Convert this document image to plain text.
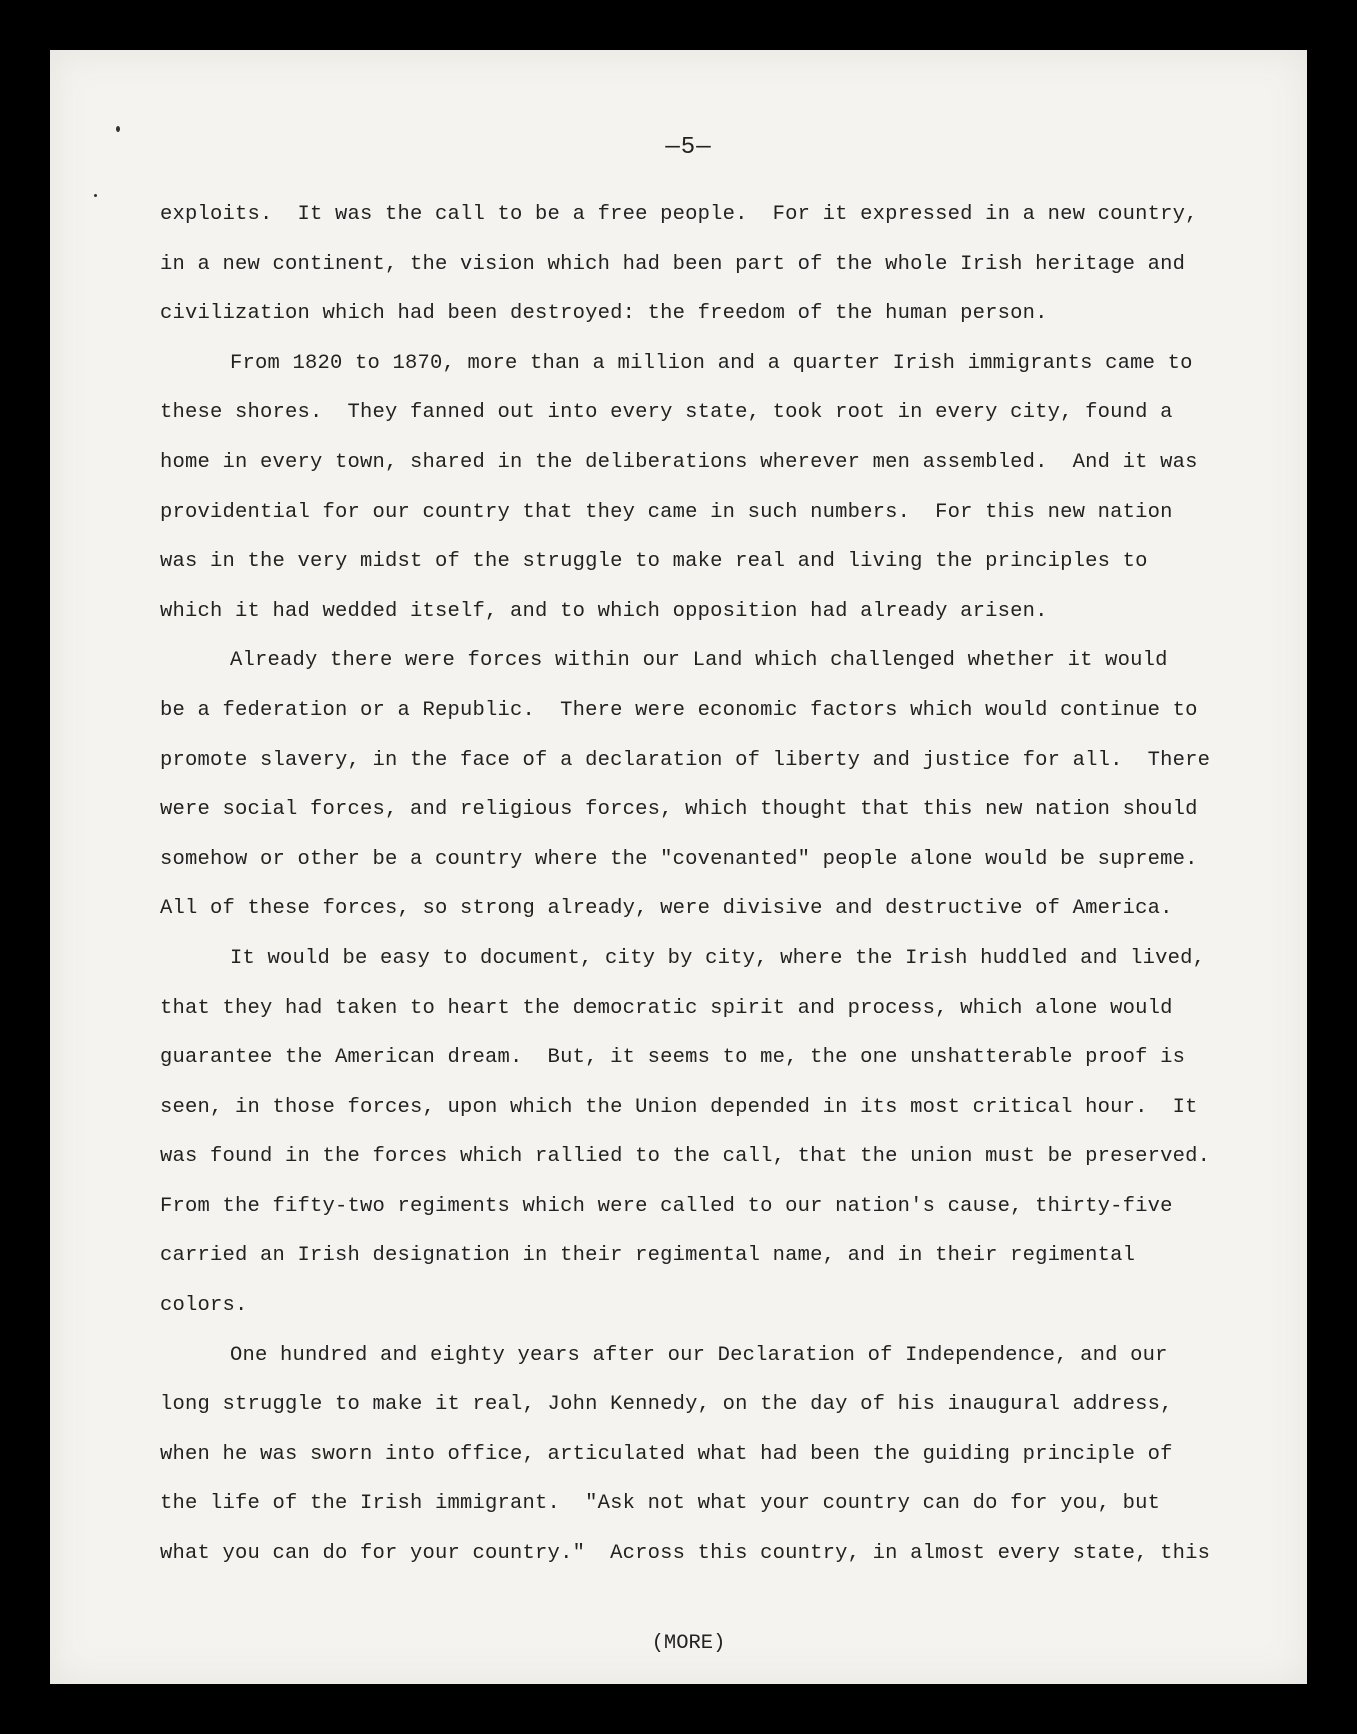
—5—
exploits.  It was the call to be a free people.  For it expressed in a new country,
in a new continent, the vision which had been part of the whole Irish heritage and
civilization which had been destroyed: the freedom of the human person.
From 1820 to 1870, more than a million and a quarter Irish immigrants came to
these shores.  They fanned out into every state, took root in every city, found a
home in every town, shared in the deliberations wherever men assembled.  And it was
providential for our country that they came in such numbers.  For this new nation
was in the very midst of the struggle to make real and living the principles to
which it had wedded itself, and to which opposition had already arisen.
Already there were forces within our Land which challenged whether it would
be a federation or a Republic.  There were economic factors which would continue to
promote slavery, in the face of a declaration of liberty and justice for all.  There
were social forces, and religious forces, which thought that this new nation should
somehow or other be a country where the "covenanted" people alone would be supreme.
All of these forces, so strong already, were divisive and destructive of America.
It would be easy to document, city by city, where the Irish huddled and lived,
that they had taken to heart the democratic spirit and process, which alone would
guarantee the American dream.  But, it seems to me, the one unshatterable proof is
seen, in those forces, upon which the Union depended in its most critical hour.  It
was found in the forces which rallied to the call, that the union must be preserved.
From the fifty-two regiments which were called to our nation's cause, thirty-five
carried an Irish designation in their regimental name, and in their regimental
colors.
One hundred and eighty years after our Declaration of Independence, and our
long struggle to make it real, John Kennedy, on the day of his inaugural address,
when he was sworn into office, articulated what had been the guiding principle of
the life of the Irish immigrant.  "Ask not what your country can do for you, but
what you can do for your country."  Across this country, in almost every state, this
(MORE)
